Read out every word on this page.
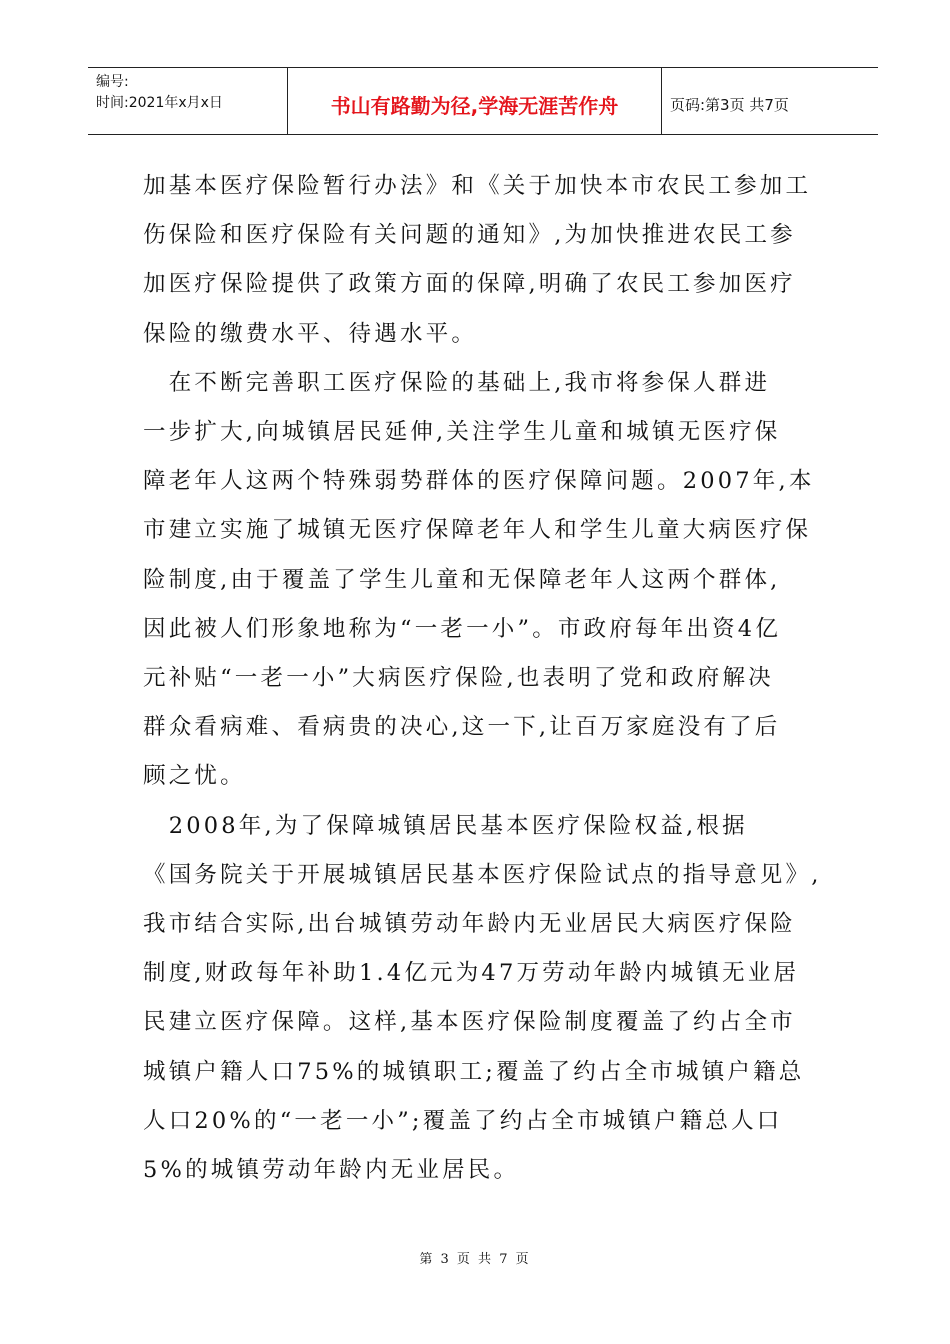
编号:
时间:2021年x月x日	书山有路勤为径,学海无涯苦作舟	页码:第3页 共7页

加基本医疗保险暂行办法》和《关于加快本市农民工参加工

伤保险和医疗保险有关问题的通知》,为加快推进农民工参

加医疗保险提供了政策方面的保障,明确了农民工参加医疗

保险的缴费水平、待遇水平。

　在不断完善职工医疗保险的基础上,我市将参保人群进

一步扩大,向城镇居民延伸,关注学生儿童和城镇无医疗保

障老年人这两个特殊弱势群体的医疗保障问题。2007年,本

市建立实施了城镇无医疗保障老年人和学生儿童大病医疗保

险制度,由于覆盖了学生儿童和无保障老年人这两个群体,

因此被人们形象地称为“一老一小”。市政府每年出资4亿

元补贴“一老一小”大病医疗保险,也表明了党和政府解决

群众看病难、看病贵的决心,这一下,让百万家庭没有了后

顾之忧。

　2008年,为了保障城镇居民基本医疗保险权益,根据

《国务院关于开展城镇居民基本医疗保险试点的指导意见》,

我市结合实际,出台城镇劳动年龄内无业居民大病医疗保险

制度,财政每年补助1.4亿元为47万劳动年龄内城镇无业居

民建立医疗保障。这样,基本医疗保险制度覆盖了约占全市

城镇户籍人口75%的城镇职工;覆盖了约占全市城镇户籍总

人口20%的“一老一小”;覆盖了约占全市城镇户籍总人口

5%的城镇劳动年龄内无业居民。

第 3 页 共 7 页
